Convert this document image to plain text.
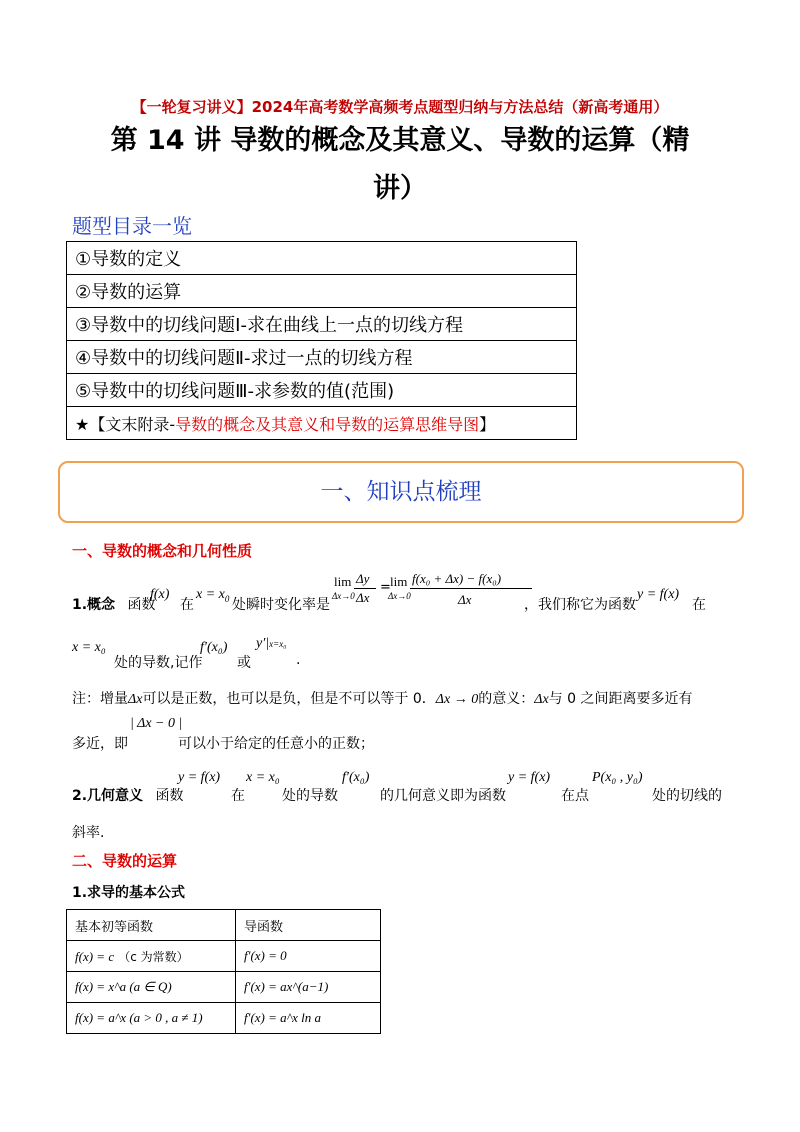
【一轮复习讲义】2024年高考数学高频考点题型归纳与方法总结（新高考通用）
第 14 讲 导数的概念及其意义、导数的运算（精
讲）
题型目录一览
①导数的定义
②导数的运算
③导数中的切线问题Ⅰ-求在曲线上一点的切线方程
④导数中的切线问题Ⅱ-求过一点的切线方程
⑤导数中的切线问题Ⅲ-求参数的值(范围)
★【文末附录-导数的概念及其意义和导数的运算思维导图】
一、知识点梳理
一、导数的概念和几何性质
1.概念 函数
f(x)
在
$x = x_0$ 处瞬时变化率是
lim
Δx→0
Δy
Δx
= lim
Δx→0
f(x₀ + Δx) − f(x₀)
Δx	，我们称它为函数
y = f(x)
在
x = x₀
处的导数,记作
f′(x₀)
或
y′|x=x₀
.
注：增量Δx可以是正数，也可以是负，但是不可以等于 0．Δx → 0的意义：Δx与 0 之间距离要多近有
多近，即
| Δx − 0 |
可以小于给定的任意小的正数；
2.几何意义 函数
y = f(x)
在
x = x₀
处的导数
f′(x₀)
的几何意义即为函数
y = f(x)
在点
P(x₀ , y₀)
处的切线的
斜率.
二、导数的运算
1.求导的基本公式
基本初等函数	导函数
f(x) = c （c 为常数）	f′(x) = 0
f(x) = x^a (a ∈ Q)	f′(x) = ax^(a−1)
f(x) = a^x (a > 0 , a ≠ 1)	f′(x) = a^x ln a
